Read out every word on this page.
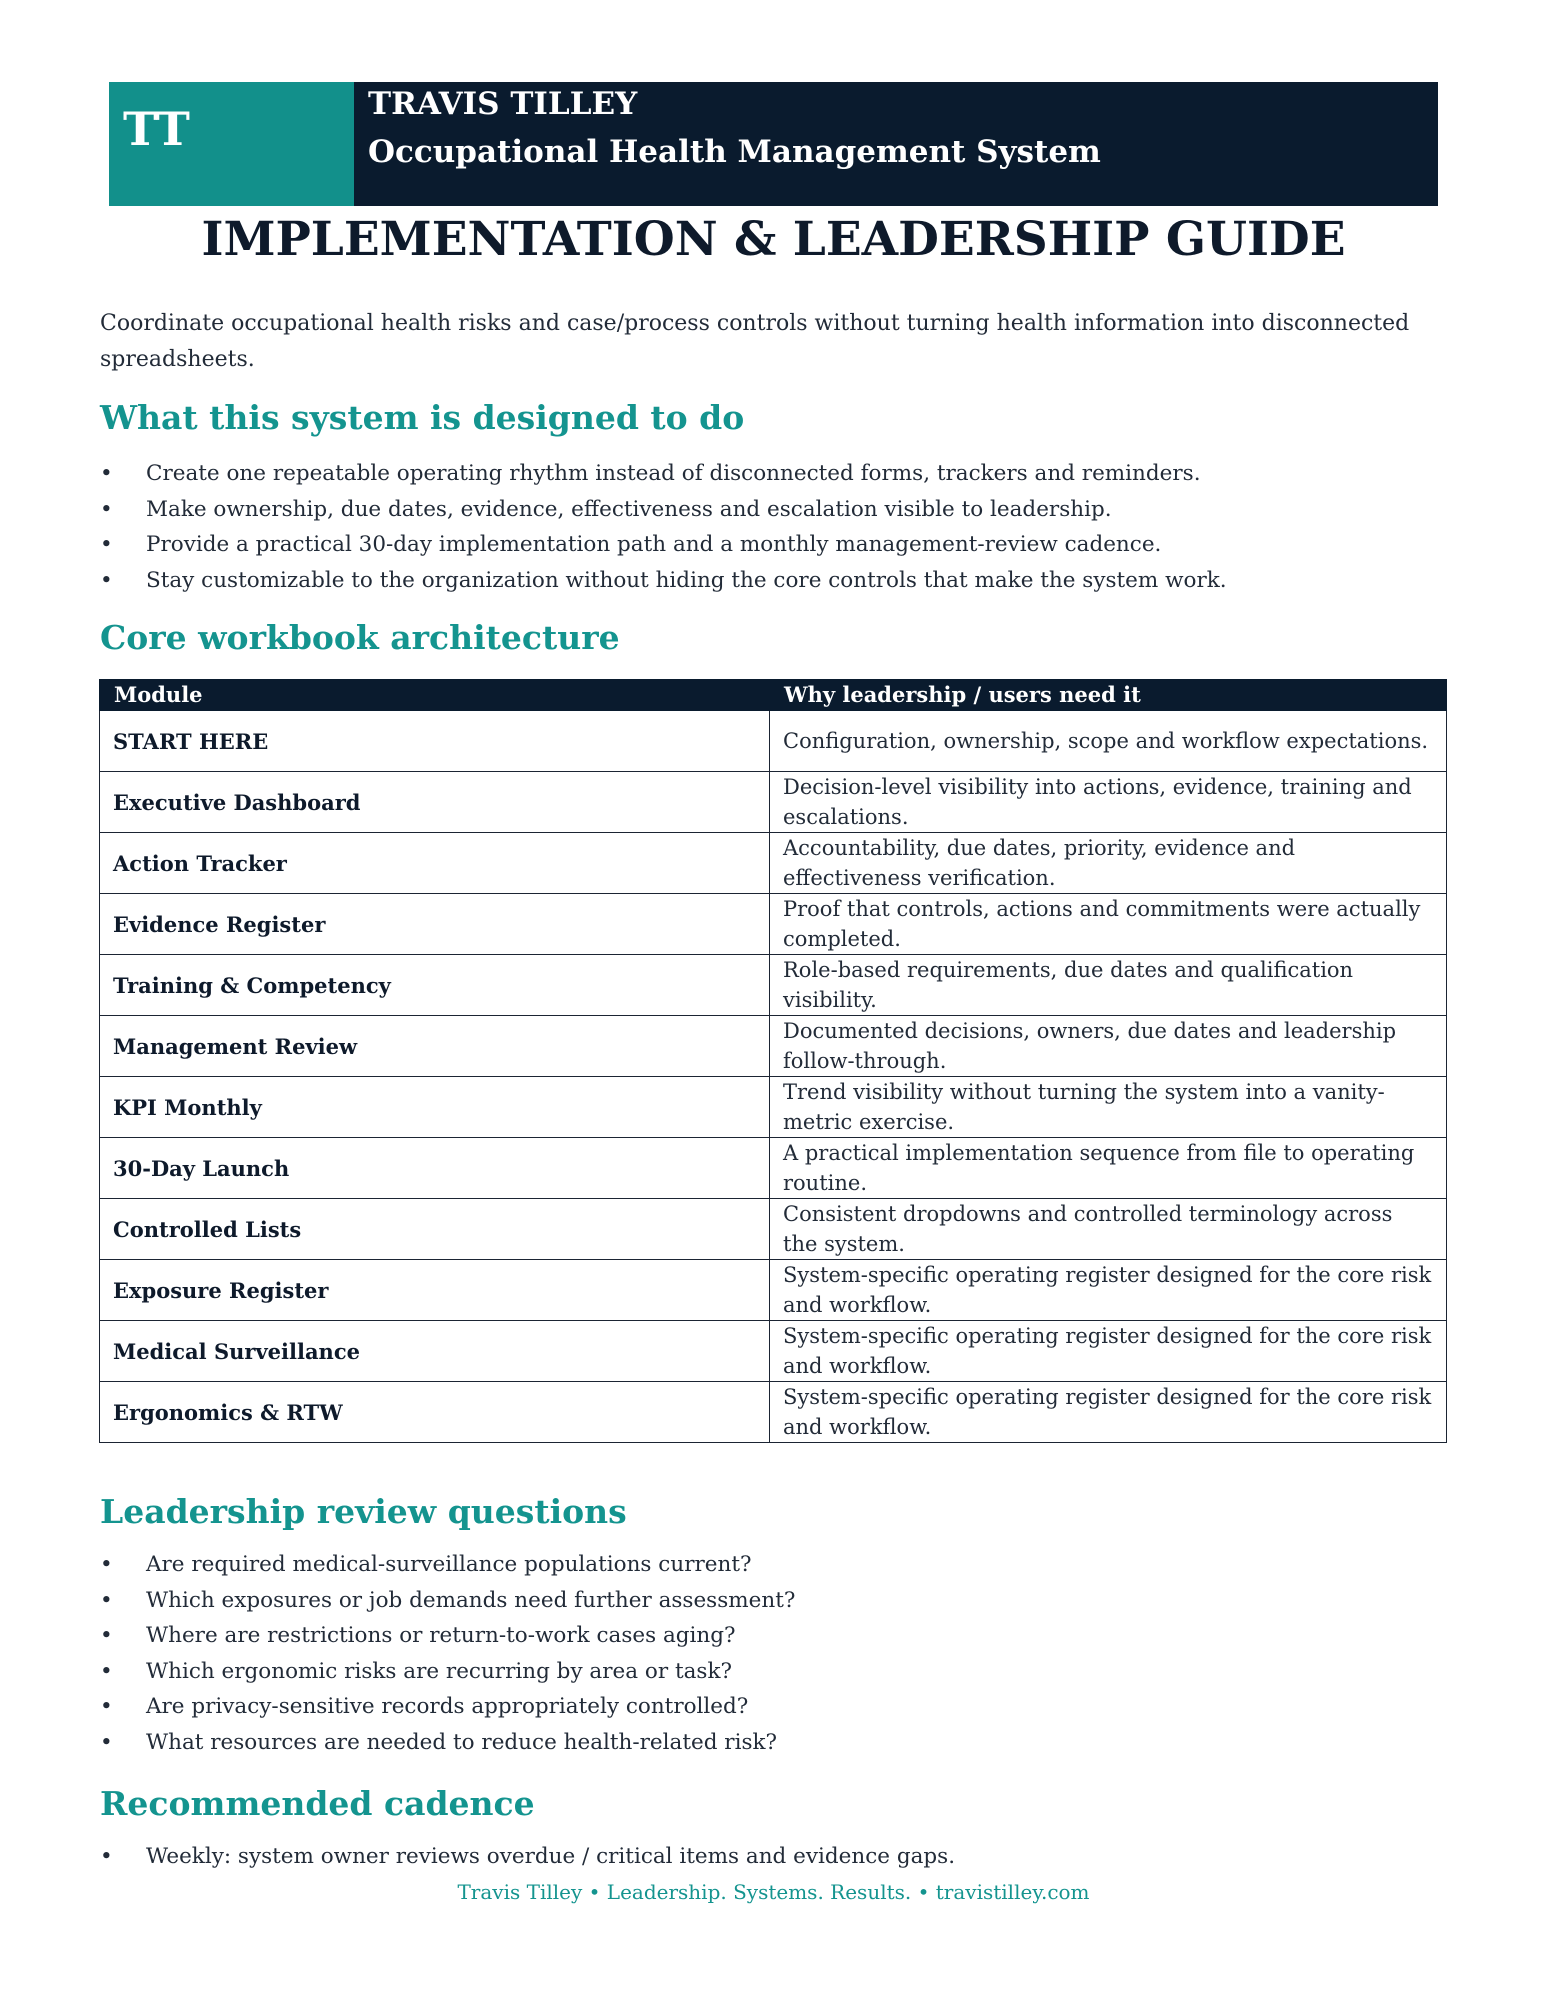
TT	TRAVIS TILLEY
Occupational Health Management System
IMPLEMENTATION & LEADERSHIP GUIDE
Coordinate occupational health risks and case/process controls without turning health information into disconnected spreadsheets.
What this system is designed to do
• Create one repeatable operating rhythm instead of disconnected forms, trackers and reminders.
• Make ownership, due dates, evidence, effectiveness and escalation visible to leadership.
• Provide a practical 30-day implementation path and a monthly management-review cadence.
• Stay customizable to the organization without hiding the core controls that make the system work.
Core workbook architecture
Module	Why leadership / users need it
START HERE	Configuration, ownership, scope and workflow expectations.
Executive Dashboard	Decision-level visibility into actions, evidence, training and escalations.
Action Tracker	Accountability, due dates, priority, evidence and effectiveness verification.
Evidence Register	Proof that controls, actions and commitments were actually completed.
Training & Competency	Role-based requirements, due dates and qualification visibility.
Management Review	Documented decisions, owners, due dates and leadership follow-through.
KPI Monthly	Trend visibility without turning the system into a vanity-metric exercise.
30-Day Launch	A practical implementation sequence from file to operating routine.
Controlled Lists	Consistent dropdowns and controlled terminology across the system.
Exposure Register	System-specific operating register designed for the core risk and workflow.
Medical Surveillance	System-specific operating register designed for the core risk and workflow.
Ergonomics & RTW	System-specific operating register designed for the core risk and workflow.
Leadership review questions
• Are required medical-surveillance populations current?
• Which exposures or job demands need further assessment?
• Where are restrictions or return-to-work cases aging?
• Which ergonomic risks are recurring by area or task?
• Are privacy-sensitive records appropriately controlled?
• What resources are needed to reduce health-related risk?
Recommended cadence
• Weekly: system owner reviews overdue / critical items and evidence gaps.
Travis Tilley • Leadership. Systems. Results. • travistilley.com
